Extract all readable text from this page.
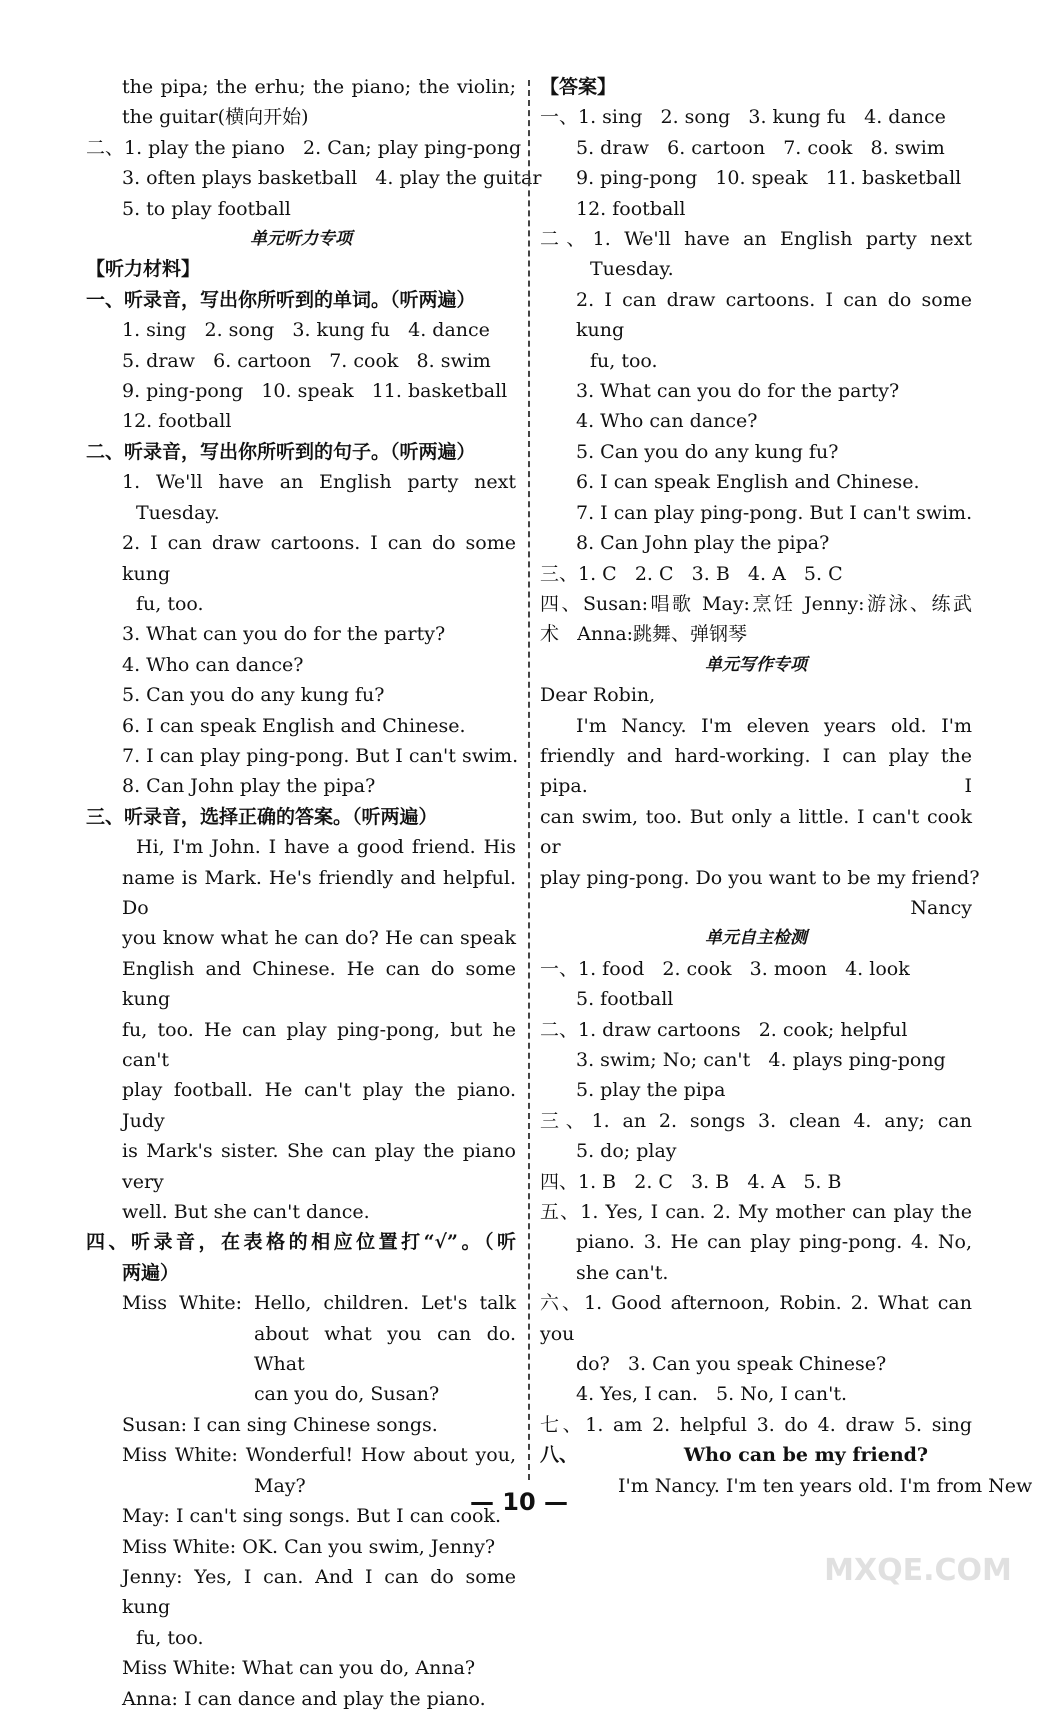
the pipa; the erhu; the piano; the violin;
the guitar(横向开始)
二、1. play the piano   2. Can; play ping-pong
3. often plays basketball   4. play the guitar
5. to play football
单元听力专项
【听力材料】
一、听录音，写出你所听到的单词。（听两遍）
1. sing   2. song   3. kung fu   4. dance
5. draw   6. cartoon   7. cook   8. swim
9. ping-pong   10. speak   11. basketball
12. football
二、听录音，写出你所听到的句子。（听两遍）
1. We'll have an English party next
Tuesday.
2. I can draw cartoons. I can do some kung
fu, too.
3. What can you do for the party?
4. Who can dance?
5. Can you do any kung fu?
6. I can speak English and Chinese.
7. I can play ping-pong. But I can't swim.
8. Can John play the pipa?
三、听录音，选择正确的答案。（听两遍）
Hi, I'm John. I have a good friend. His
name is Mark. He's friendly and helpful. Do
you know what he can do? He can speak
English and Chinese. He can do some kung
fu, too. He can play ping-pong, but he can't
play football. He can't play the piano. Judy
is Mark's sister. She can play the piano very
well. But she can't dance.
四、听录音，在表格的相应位置打“√”。（听
两遍）
Miss White: Hello, children. Let's talk
about what you can do. What
can you do, Susan?
Susan: I can sing Chinese songs.
Miss White: Wonderful! How about you,
May?
May: I can't sing songs. But I can cook.
Miss White: OK. Can you swim, Jenny?
Jenny: Yes, I can. And I can do some kung
fu, too.
Miss White: What can you do, Anna?
Anna: I can dance and play the piano.
【答案】
一、1. sing   2. song   3. kung fu   4. dance
5. draw   6. cartoon   7. cook   8. swim
9. ping-pong   10. speak   11. basketball
12. football
二、1. We'll have an English party next
Tuesday.
2. I can draw cartoons. I can do some kung
fu, too.
3. What can you do for the party?
4. Who can dance?
5. Can you do any kung fu?
6. I can speak English and Chinese.
7. I can play ping-pong. But I can't swim.
8. Can John play the pipa?
三、1. C   2. C   3. B   4. A   5. C
四、Susan:唱歌 May:烹饪 Jenny:游泳、练武
术   Anna:跳舞、弹钢琴
单元写作专项
Dear Robin,
I'm Nancy. I'm eleven years old. I'm
friendly and hard-working. I can play the pipa. I
can swim, too. But only a little. I can't cook or
play ping-pong. Do you want to be my friend?
Nancy
单元自主检测
一、1. food   2. cook   3. moon   4. look
5. football
二、1. draw cartoons   2. cook; helpful
3. swim; No; can't   4. plays ping-pong
5. play the pipa
三、1. an 2. songs 3. clean 4. any; can
5. do; play
四、1. B   2. C   3. B   4. A   5. B
五、1. Yes, I can. 2. My mother can play the
piano. 3. He can play ping-pong. 4. No,
she can't.
六、1. Good afternoon, Robin. 2. What can you
do?   3. Can you speak Chinese?
4. Yes, I can.   5. No, I can't.
七、1. am 2. helpful 3. do 4. draw 5. sing
八、                Who can be my friend?
I'm Nancy. I'm ten years old. I'm from New
— 10 —
MXQE.COM
